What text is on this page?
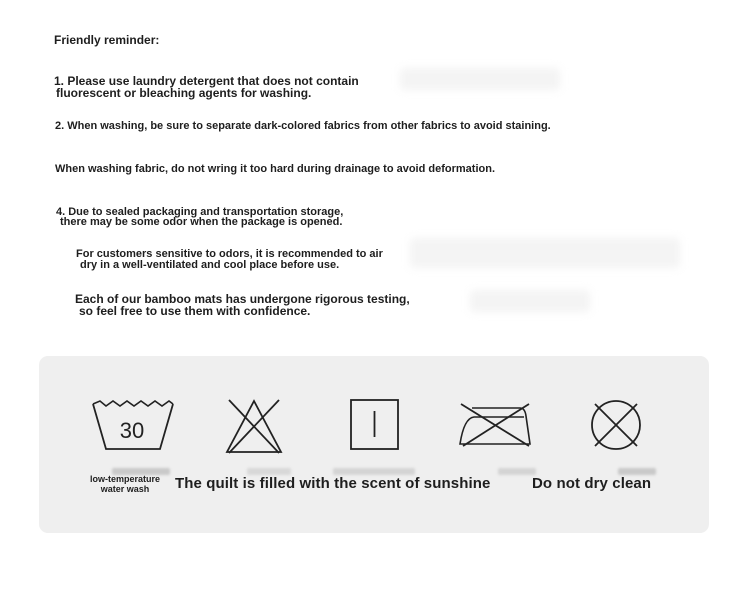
Friendly reminder:
1. Please use laundry detergent that does not contain
fluorescent or bleaching agents for washing.
2. When washing, be sure to separate dark-colored fabrics from other fabrics to avoid staining.
When washing fabric, do not wring it too hard during drainage to avoid deformation.
4. Due to sealed packaging and transportation storage,
there may be some odor when the package is opened.
For customers sensitive to odors, it is recommended to air
dry in a well-ventilated and cool place before use.
Each of our bamboo mats has undergone rigorous testing,
so feel free to use them with confidence.
30
low-temperature
water wash	The quilt is filled with the scent of sunshine	Do not dry clean
